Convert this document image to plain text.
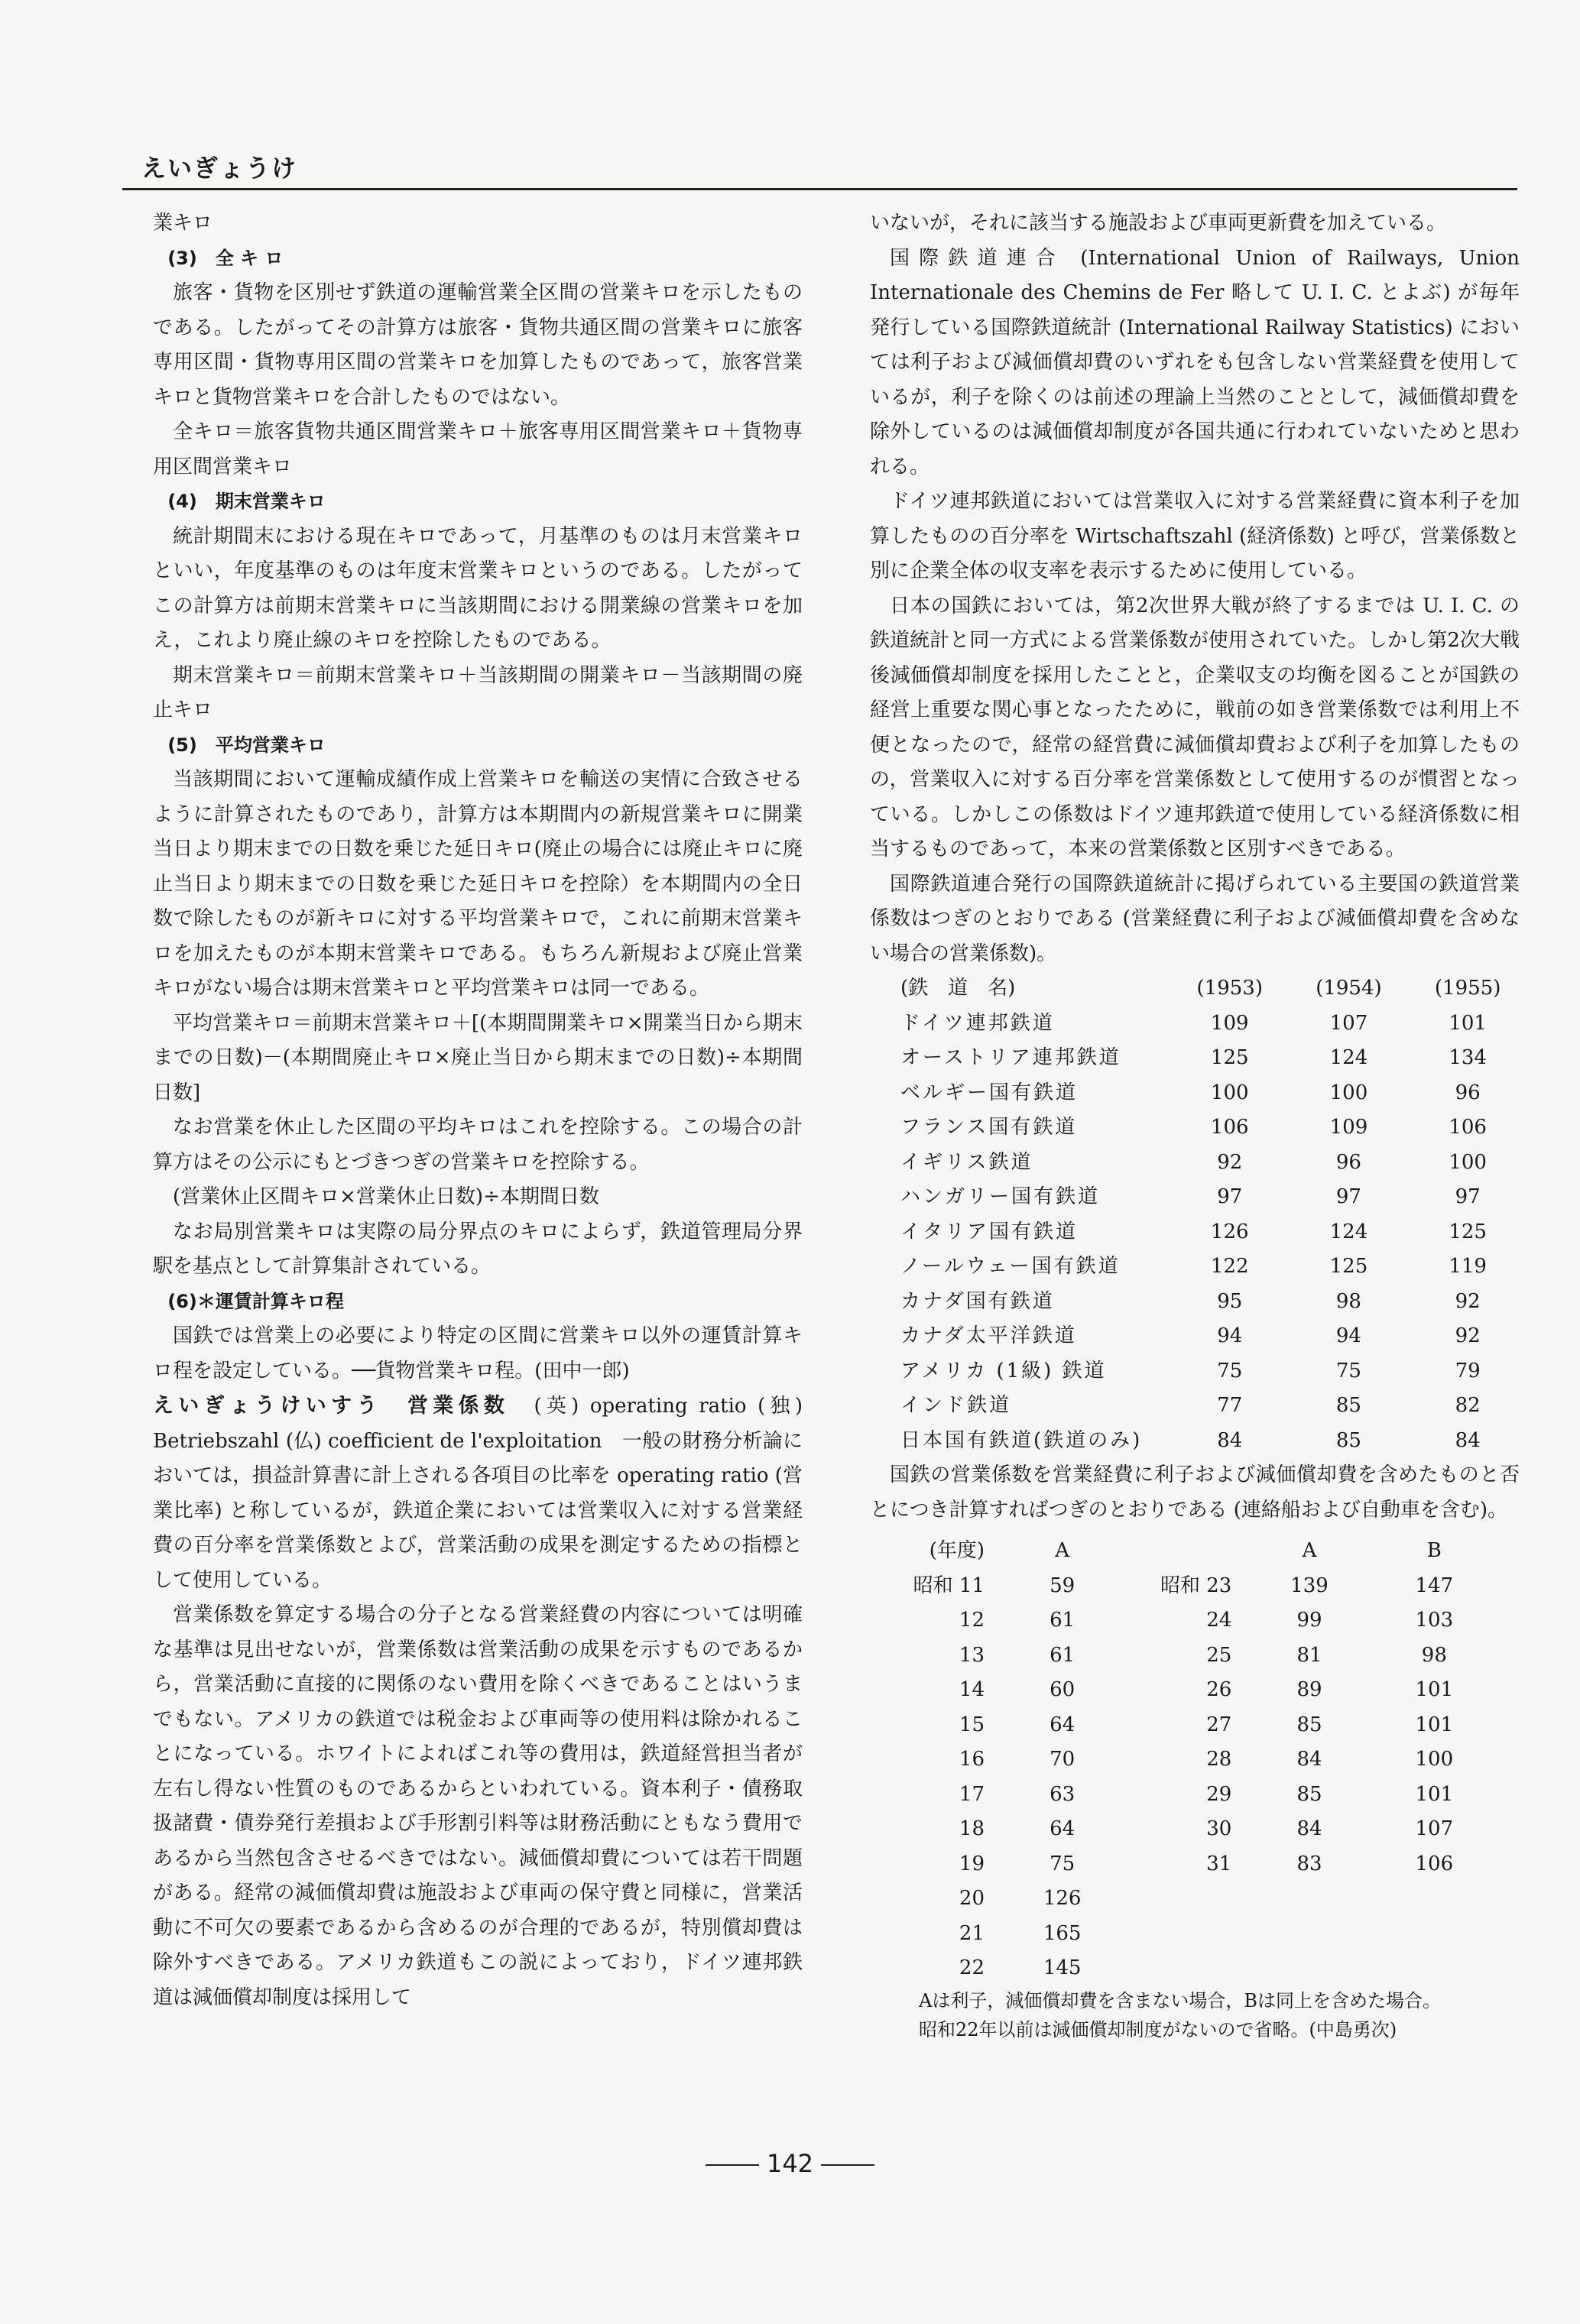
えいぎょうけ

業キロ

(3)　全 キ ロ

旅客・貨物を区別せず鉄道の運輸営業全区間の営業キロを示したものである。したがってその計算方は旅客・貨物共通区間の営業キロに旅客専用区間・貨物専用区間の営業キロを加算したものであって，旅客営業キロと貨物営業キロを合計したものではない。

全キロ＝旅客貨物共通区間営業キロ＋旅客専用区間営業キロ＋貨物専用区間営業キロ

(4)　期末営業キロ

統計期間末における現在キロであって，月基準のものは月末営業キロといい，年度基準のものは年度末営業キロというのである。したがってこの計算方は前期末営業キロに当該期間における開業線の営業キロを加え，これより廃止線のキロを控除したものである。

期末営業キロ＝前期末営業キロ＋当該期間の開業キロ－当該期間の廃止キロ

(5)　平均営業キロ

当該期間において運輸成績作成上営業キロを輸送の実情に合致させるように計算されたものであり，計算方は本期間内の新規営業キロに開業当日より期末までの日数を乗じた延日キロ(廃止の場合には廃止キロに廃止当日より期末までの日数を乗じた延日キロを控除）を本期間内の全日数で除したものが新キロに対する平均営業キロで，これに前期末営業キロを加えたものが本期末営業キロである。もちろん新規および廃止営業キロがない場合は期末営業キロと平均営業キロは同一である。

平均営業キロ＝前期末営業キロ＋[(本期間開業キロ×開業当日から期末までの日数)－(本期間廃止キロ×廃止当日から期末までの日数)÷本期間日数]

なお営業を休止した区間の平均キロはこれを控除する。この場合の計算方はその公示にもとづきつぎの営業キロを控除する。

(営業休止区間キロ×営業休止日数)÷本期間日数

なお局別営業キロは実際の局分界点のキロによらず，鉄道管理局分界駅を基点として計算集計されている。

(6)＊運賃計算キロ程

国鉄では営業上の必要により特定の区間に営業キロ以外の運賃計算キロ程を設定している。──貨物営業キロ程。(田中一郎)

えいぎょうけいすう　営業係数　 (英) operating ratio (独) Betriebszahl (仏) coefficient de l'exploitation　一般の財務分析論においては，損益計算書に計上される各項目の比率を operating ratio (営業比率) と称しているが，鉄道企業においては営業収入に対する営業経費の百分率を営業係数とよび，営業活動の成果を測定するための指標として使用している。

営業係数を算定する場合の分子となる営業経費の内容については明確な基準は見出せないが，営業係数は営業活動の成果を示すものであるから，営業活動に直接的に関係のない費用を除くべきであることはいうまでもない。アメリカの鉄道では税金および車両等の使用料は除かれることになっている。ホワイトによればこれ等の費用は，鉄道経営担当者が左右し得ない性質のものであるからといわれている。資本利子・債務取扱諸費・債券発行差損および手形割引料等は財務活動にともなう費用であるから当然包含させるべきではない。減価償却費については若干問題がある。経常の減価償却費は施設および車両の保守費と同様に，営業活動に不可欠の要素であるから含めるのが合理的であるが，特別償却費は除外すべきである。アメリカ鉄道もこの説によっており，ドイツ連邦鉄道は減価償却制度は採用して

いないが，それに該当する施設および車両更新費を加えている。

国際鉄道連合 (International Union of Railways, Union Internationale des Chemins de Fer 略して U. I. C. とよぶ) が毎年発行している国際鉄道統計 (International Railway Statistics) においては利子および減価償却費のいずれをも包含しない営業経費を使用しているが，利子を除くのは前述の理論上当然のこととして，減価償却費を除外しているのは減価償却制度が各国共通に行われていないためと思われる。

ドイツ連邦鉄道においては営業収入に対する営業経費に資本利子を加算したものの百分率を Wirtschaftszahl (経済係数) と呼び，営業係数と別に企業全体の収支率を表示するために使用している。

日本の国鉄においては，第2次世界大戦が終了するまでは U. I. C. の鉄道統計と同一方式による営業係数が使用されていた。しかし第2次大戦後減価償却制度を採用したことと，企業収支の均衡を図ることが国鉄の経営上重要な関心事となったために，戦前の如き営業係数では利用上不便となったので，経常の経営費に減価償却費および利子を加算したものの，営業収入に対する百分率を営業係数として使用するのが慣習となっている。しかしこの係数はドイツ連邦鉄道で使用している経済係数に相当するものであって，本来の営業係数と区別すべきである。

国際鉄道連合発行の国際鉄道統計に掲げられている主要国の鉄道営業係数はつぎのとおりである (営業経費に利子および減価償却費を含めない場合の営業係数)。

(鉄　道　名)	(1953)	(1954)	(1955)
ドイツ連邦鉄道	109	107	101
オーストリア連邦鉄道	125	124	134
ベルギー国有鉄道	100	100	96
フランス国有鉄道	106	109	106
イギリス鉄道	92	96	100
ハンガリー国有鉄道	97	97	97
イタリア国有鉄道	126	124	125
ノールウェー国有鉄道	122	125	119
カナダ国有鉄道	95	98	92
カナダ太平洋鉄道	94	94	92
アメリカ (1級) 鉄道	75	75	79
インド鉄道	77	85	82
日本国有鉄道(鉄道のみ)	84	85	84

国鉄の営業係数を営業経費に利子および減価償却費を含めたものと否とにつき計算すればつぎのとおりである (連絡船および自動車を含む)。

(年度)	A		A	B
昭和 11	59	昭和 23	139	147
12	61	24	99	103
13	61	25	81	98
14	60	26	89	101
15	64	27	85	101
16	70	28	84	100
17	63	29	85	101
18	64	30	84	107
19	75	31	83	106
20	126			
21	165			
22	145			

Aは利子，減価償却費を含まない場合，Bは同上を含めた場合。

昭和22年以前は減価償却制度がないので省略。(中島勇次)

142
